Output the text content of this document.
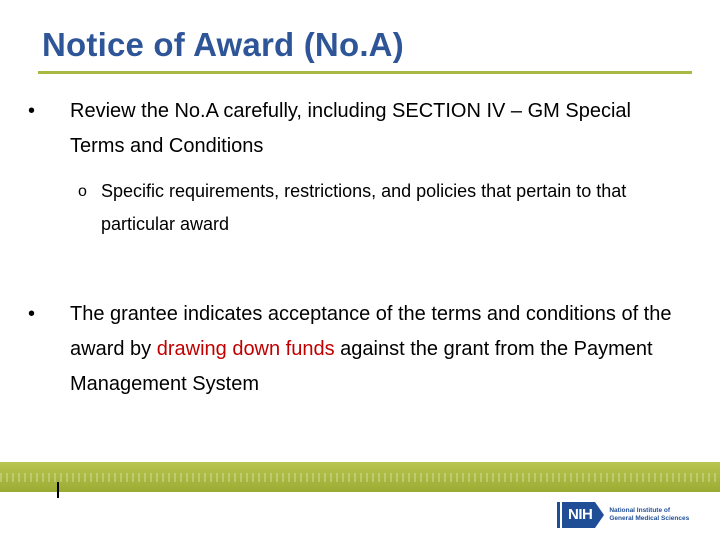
Notice of Award (No.A)
• Review the No.A carefully, including SECTION IV – GM Special Terms and Conditions
o Specific requirements, restrictions, and policies that pertain to that particular award
• The grantee indicates acceptance of the terms and conditions of the award by drawing down funds against the grant from the Payment Management System
NIH	National Institute of
General Medical Sciences
